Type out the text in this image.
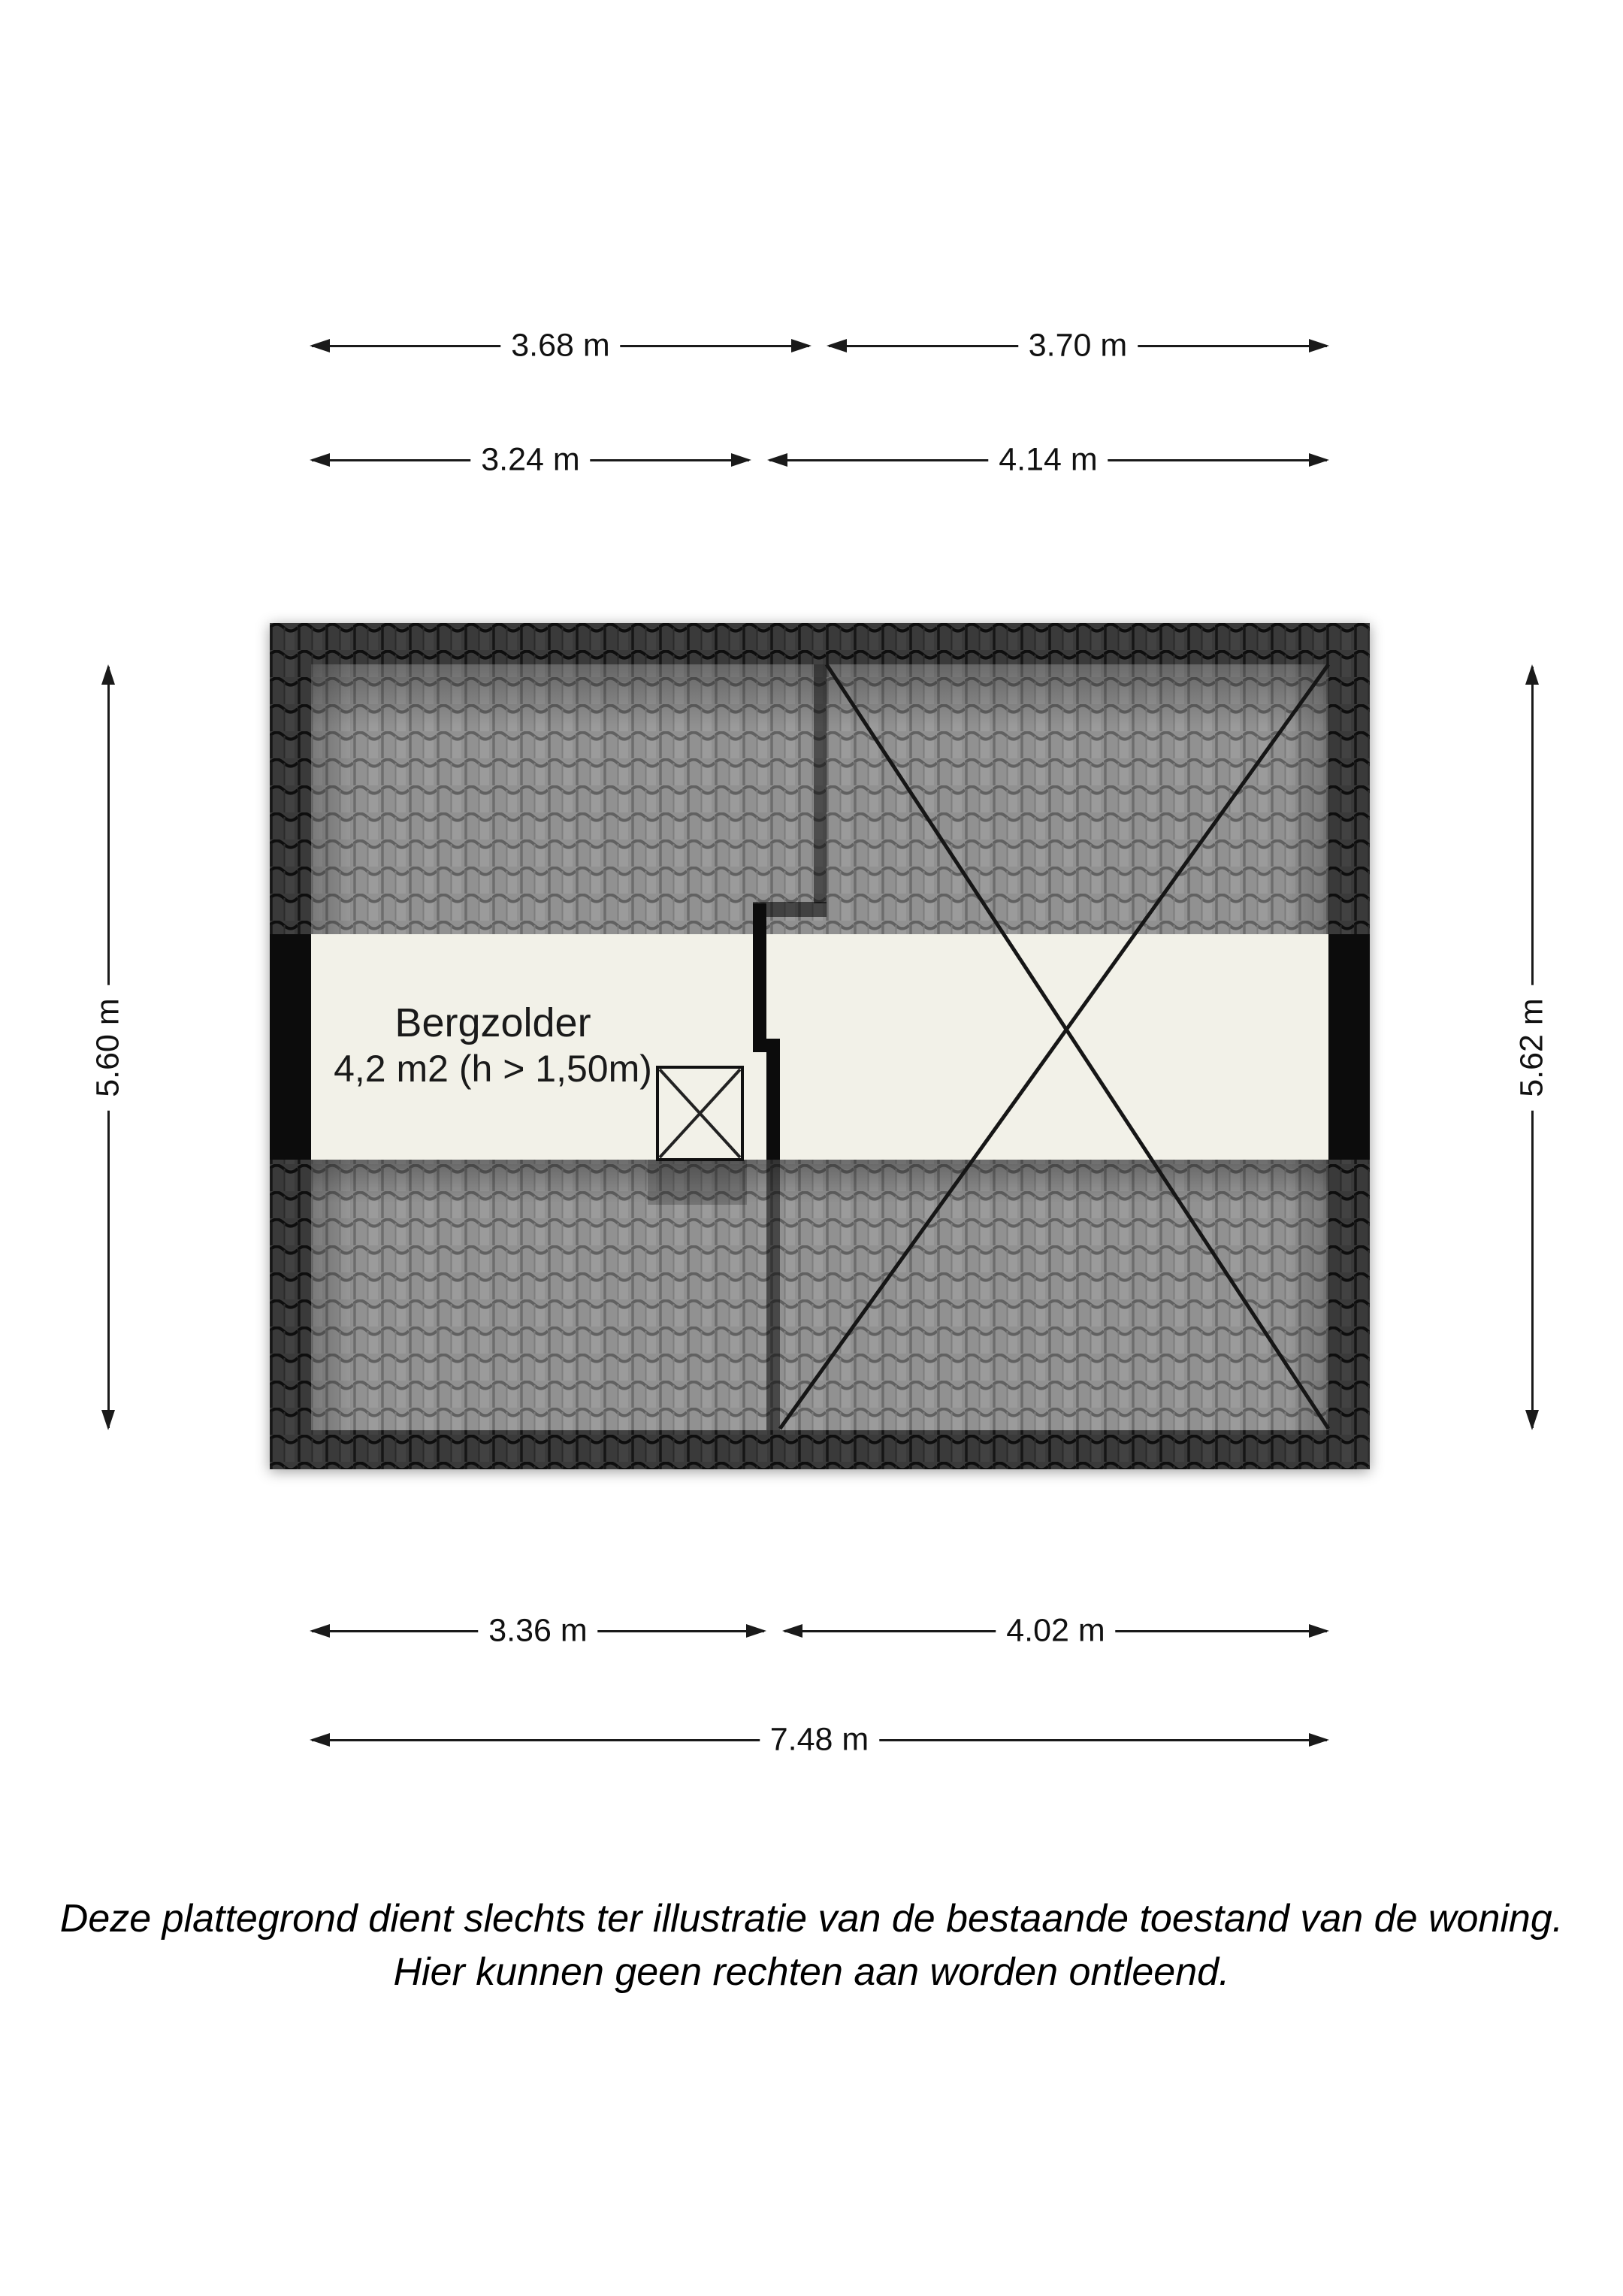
3.68 m	3.70 m
3.24 m	4.14 m
5.60 m	5.62 m
Bergzolder
4,2 m2 (h > 1,50m)
3.36 m	4.02 m
7.48 m
Deze plattegrond dient slechts ter illustratie van de bestaande toestand van de woning.
Hier kunnen geen rechten aan worden ontleend.
